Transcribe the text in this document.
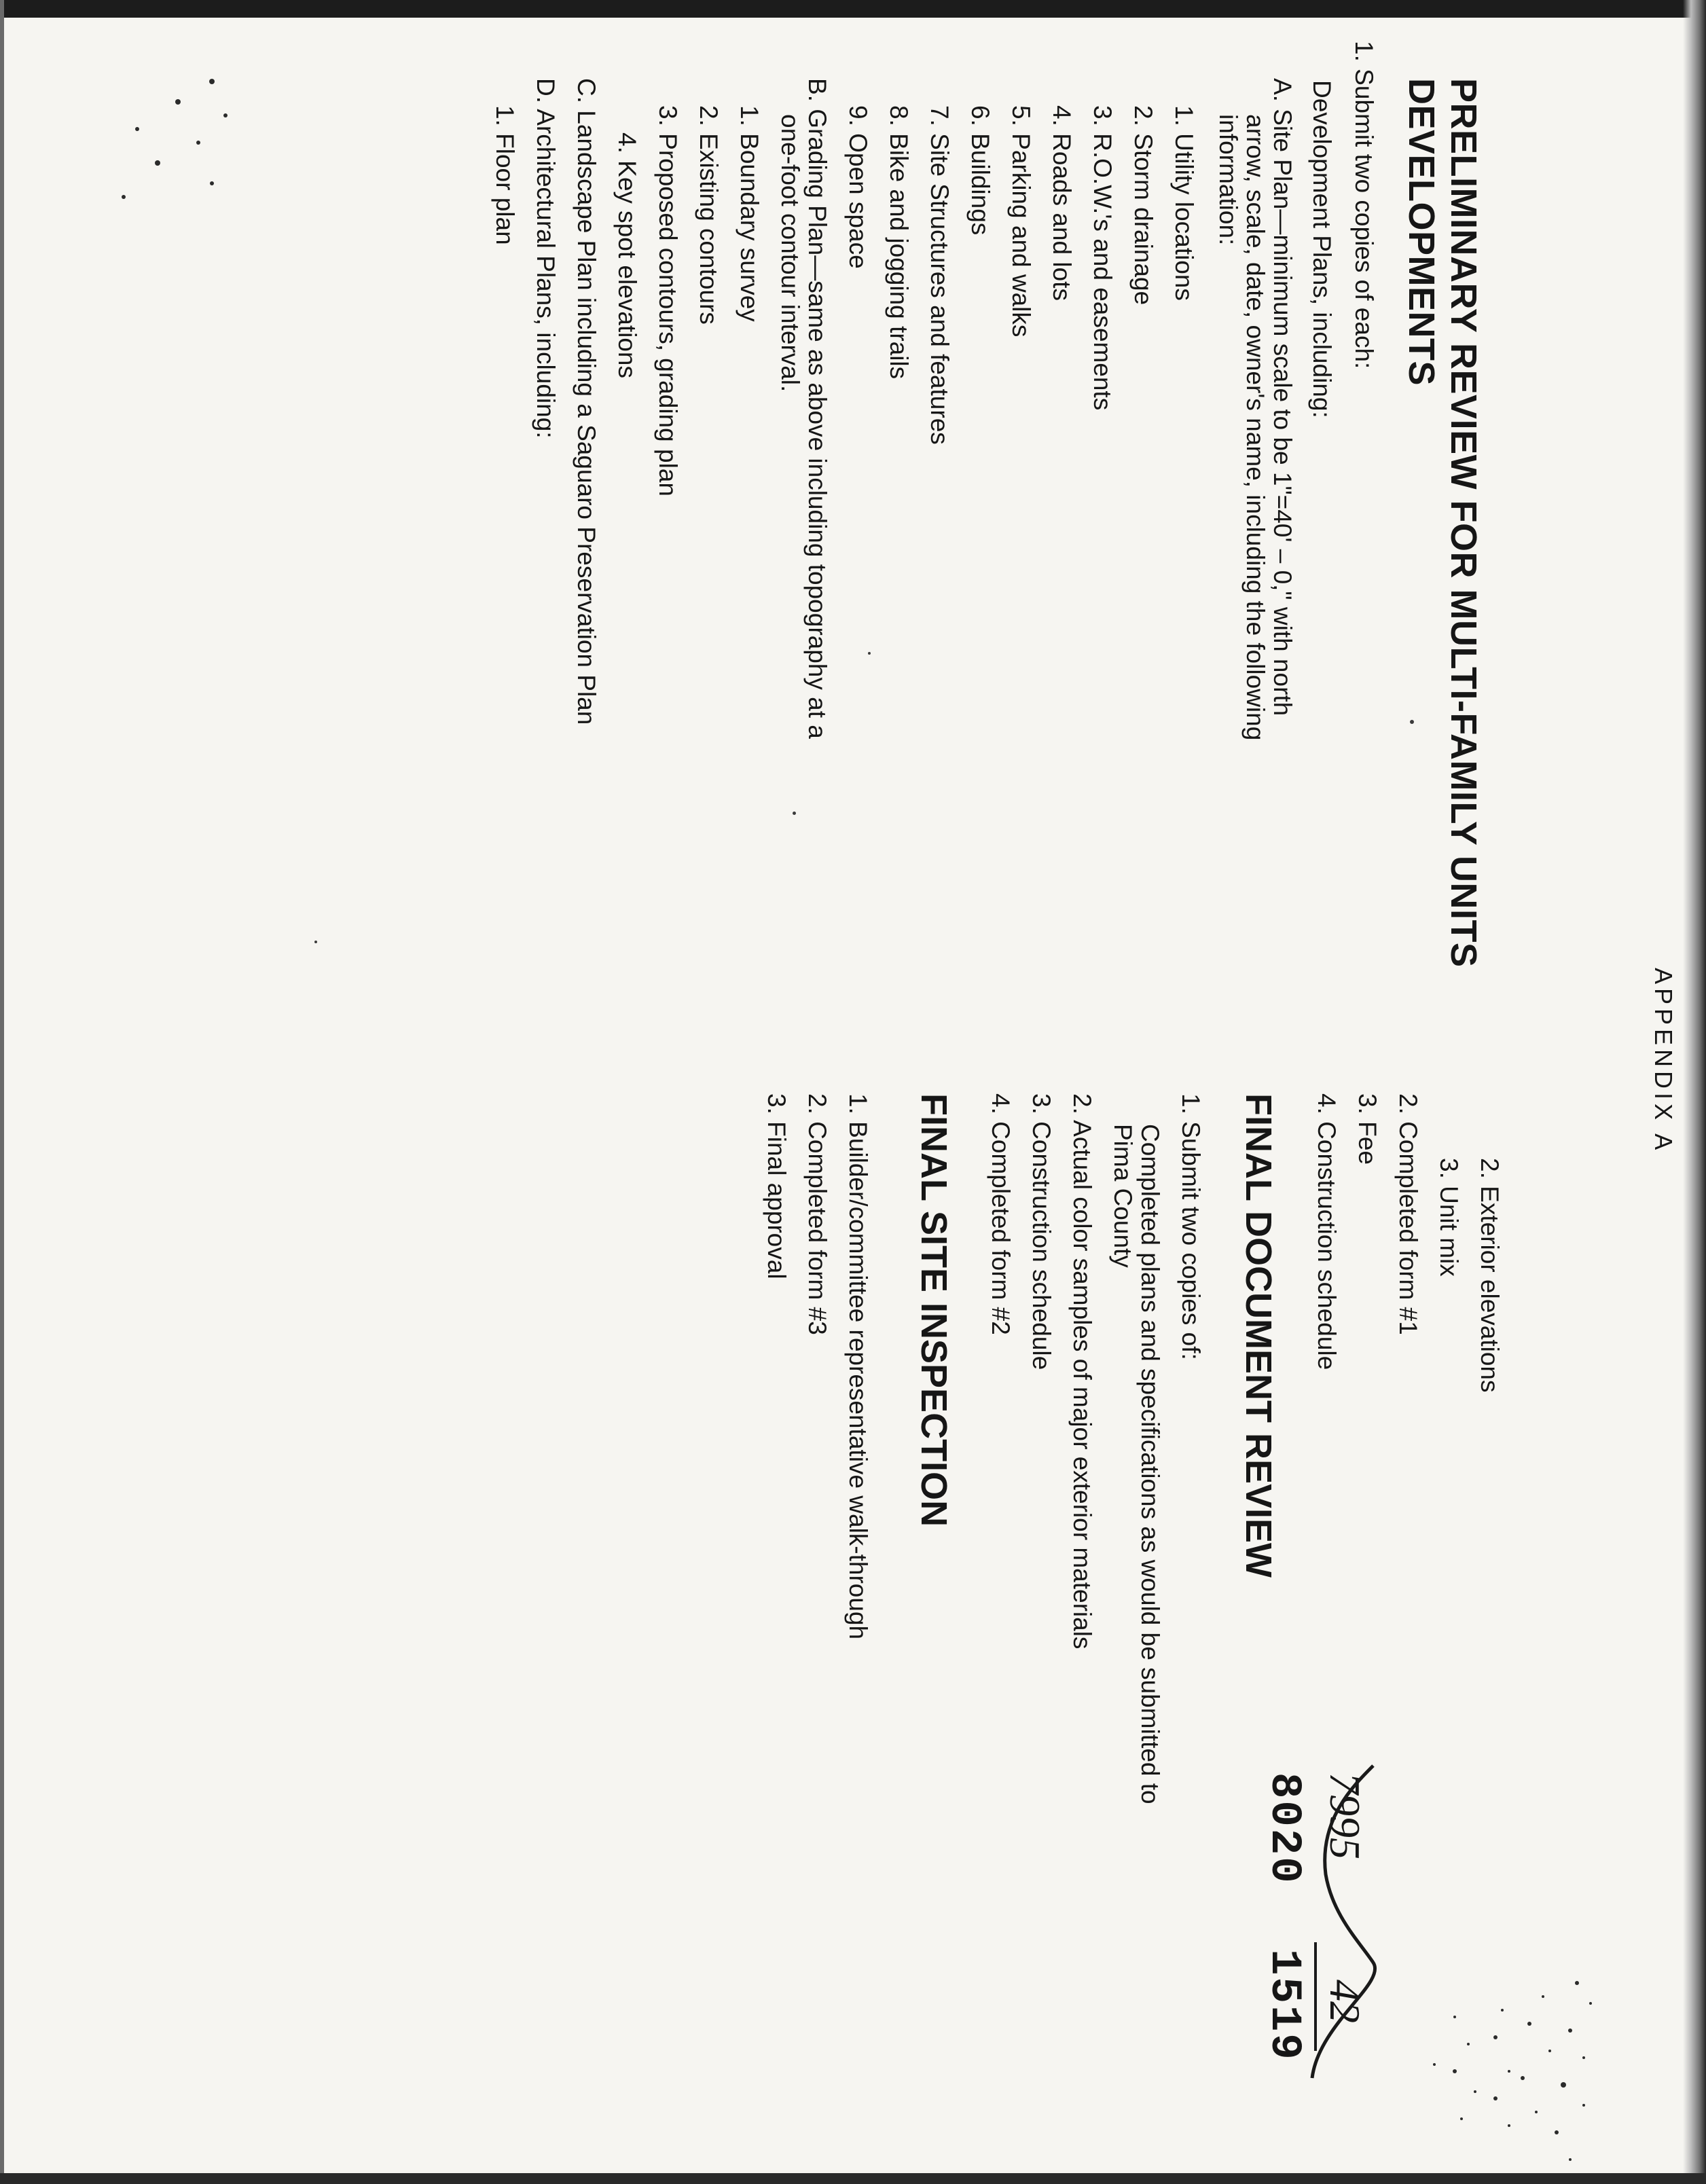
APPENDIX A
PRELIMINARY REVIEW FOR MULTI-FAMILY UNITS
DEVELOPMENTS
1. Submit two copies of each:
Development Plans, including:
A. Site Plan—minimum scale to be 1"=40' – 0," with north
arrow, scale, date, owner's name, including the following
information:
1. Utility locations
2. Storm drainage
3. R.O.W.'s and easements
4. Roads and lots
5. Parking and walks
6. Buildings
7. Site Structures and features
8. Bike and jogging trails
9. Open space
B. Grading Plan—same as above including topography at a
one-foot contour interval.
1. Boundary survey
2. Existing contours
3. Proposed contours, grading plan
4. Key spot elevations
C. Landscape Plan including a Saguaro Preservation Plan
D. Architectural Plans, including:
1. Floor plan
2. Exterior elevations
3. Unit mix
2. Completed form #1
3. Fee
4. Construction schedule
FINAL DOCUMENT REVIEW
1. Submit two copies of:
Completed plans and specifications as would be submitted to
Pima County
2. Actual color samples of major exterior materials
3. Construction schedule
4. Completed form #2
FINAL SITE INSPECTION
1. Builder/committee representative walk-through
2. Completed form #3
3. Final approval
8020
1519
7995
42
